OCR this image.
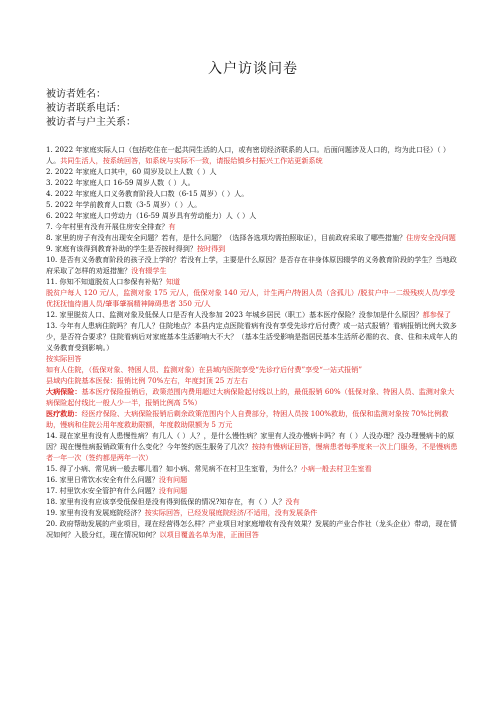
入户访谈问卷
被访者姓名：
被访者联系电话：
被访者与户主关系：

1. 2022 年家庭实际人口（包括吃住在一起共同生活的人口，或有密切经济联系的人口。后面问题涉及人口的，均为此口径）（ ）人。共同生活人，按系统回答，如系统与实际不一致，请报给镇乡村振兴工作站更新系统

2. 2022 年家庭人口其中，60 周岁及以上人数（ ）人

3. 2022 年家庭人口 16-59 周岁人数（ ）人。

4. 2022 年家庭人口义务教育阶段人口数（6-15 周岁）（ ）人。

5. 2022 年学前教育人口数（3-5 周岁）（ ）人。

6. 2022 年家庭人口劳动力（16-59 周岁具有劳动能力）人（ ）人

7. 今年村里有没有开展住房安全排查？有

8. 家里的房子有没有出现安全问题？若有，是什么问题？（选择各选项均需拍照取证），目前政府采取了哪些措施？住房安全没问题

9. 家庭有该得到教育补助的学生是否按时得到？按时得到

10. 是否有义务教育阶段的孩子没上学的？若没有上学，主要是什么原因？是否存在非身体原因辍学的义务教育阶段的学生？当地政府采取了怎样的劝返措施？没有辍学生

11. 你知不知道脱贫人口参保有补贴？知道

脱贫户每人 120 元/人，监测对象 175 元/人，低保对象 140 元/人，计生两户/特困人员（含孤儿）/脱贫户中一二级残疾人员/享受优抚抚恤待遇人员/肇事肇祸精神障碍患者 350 元/人

12. 家里脱贫人口、监测对象及低保人口是否有人没参加 2023 年城乡居民（职工）基本医疗保险？没参加是什么原因？都参保了

13. 今年有人患病住院吗？有几人？住院地点？本县内定点医院看病有没有享受先诊疗后付费？或一站式报销？看病报销比例大致多少，是否符合要求？住院看病后对家庭基本生活影响大不大？（基本生活受影响是指居民基本生活所必需的衣、食、住和未成年人的义务教育受到影响。）

按实际回答

如有人住院，（低保对象、特困人员、监测对象）在县域内医院享受“先诊疗后付费”享受“一站式报销”

县域内住院基本医保：报销比例 70%左右，年度封顶 25 万左右

大病保险：基本医疗保险报销后，政策范围内费用超过大病保险起付线以上的，最低报销 60%（低保对象、特困人员、监测对象大病保险起付线比一般人少一半，报销比例高 5%）

医疗救助：经医疗保险、大病保险报销后剩余政策范围内个人自费部分，特困人员按 100%救助，低保和监测对象按 70%比例救助，慢病和住院公用年度救助限额，年度救助限额为 5 万元

14. 现在家里有没有人患慢性病？有几人（ ）人？，是什么慢性病？家里有人没办慢病卡吗？有（ ）人没办理？没办理慢病卡的原因？现在慢性病报销政策有什么变化？今年签约医生服务了几次？按持有慢病证回答，慢病患者每季度来一次上门服务，不是慢病患者一年一次（签约都是两年一次）

15. 得了小病、常见病一般去哪儿看？如小病、常见病不在村卫生室看，为什么？小病一般去村卫生室看

16. 家里日常饮水安全有什么问题？没有问题

17. 村里饮水安全管护有什么问题？没有问题

18. 家里有没有应该享受低保但是没有得到低保的情况?知存在，有（ ）人？没有

19. 家里有没有发展庭院经济？按实际回答，已经发展庭院经济/不适用，没有发展条件

20. 政府帮助发展的产业项目，现在经营得怎么样？产业项目对家庭增收有没有效果？发展的产业合作社（龙头企业）带动，现在情况如何？入股分红，现在情况如何？以项目覆盖名单为准，正面回答
